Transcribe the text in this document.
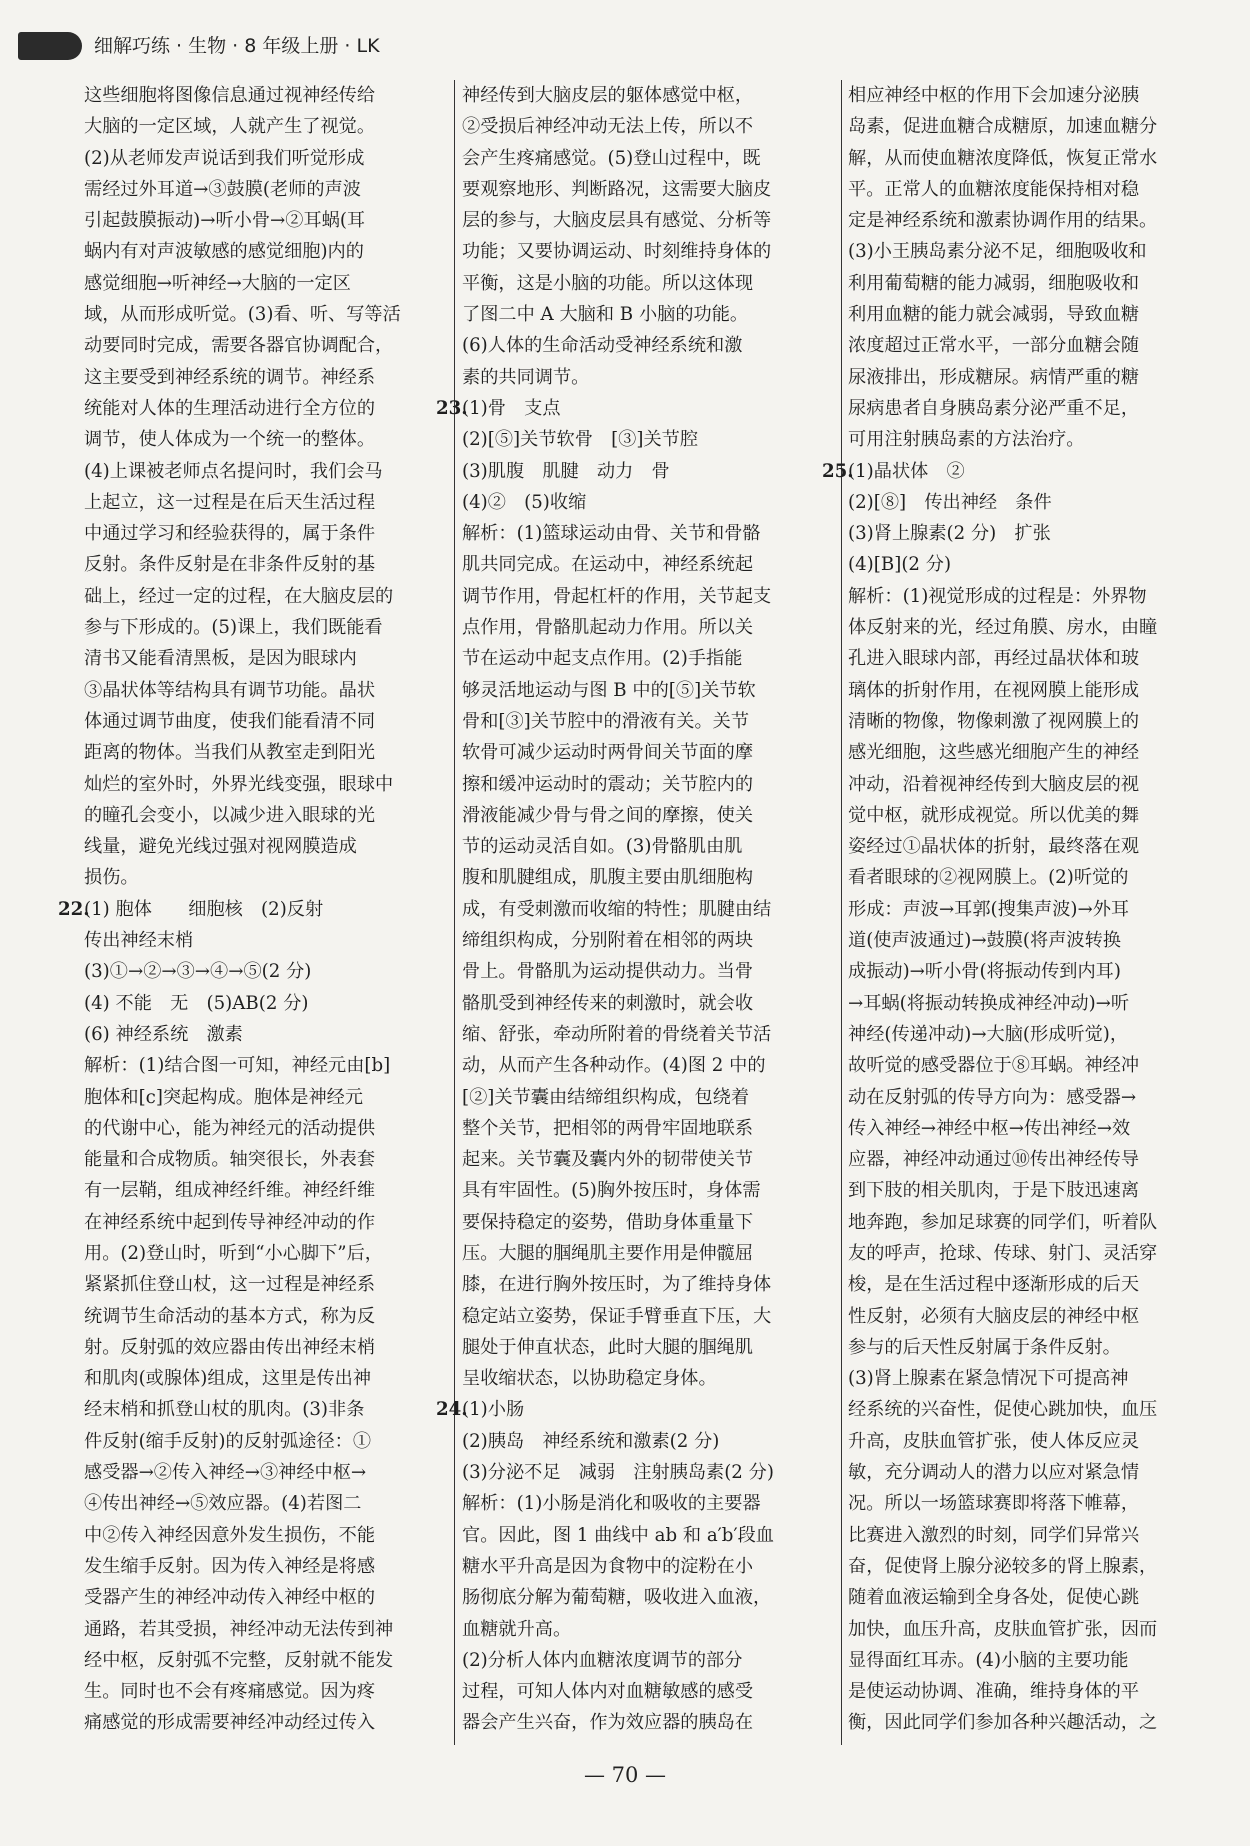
细解巧练 · 生物 · 8 年级上册 · LK

这些细胞将图像信息通过视神经传给

大脑的一定区域，人就产生了视觉。

(2)从老师发声说话到我们听觉形成

需经过外耳道→③鼓膜(老师的声波

引起鼓膜振动)→听小骨→②耳蜗(耳

蜗内有对声波敏感的感觉细胞)内的

感觉细胞→听神经→大脑的一定区

域，从而形成听觉。(3)看、听、写等活

动要同时完成，需要各器官协调配合，

这主要受到神经系统的调节。神经系

统能对人体的生理活动进行全方位的

调节，使人体成为一个统一的整体。

(4)上课被老师点名提问时，我们会马

上起立，这一过程是在后天生活过程

中通过学习和经验获得的，属于条件

反射。条件反射是在非条件反射的基

础上，经过一定的过程，在大脑皮层的

参与下形成的。(5)课上，我们既能看

清书又能看清黑板，是因为眼球内

③晶状体等结构具有调节功能。晶状

体通过调节曲度，使我们能看清不同

距离的物体。当我们从教室走到阳光

灿烂的室外时，外界光线变强，眼球中

的瞳孔会变小，以减少进入眼球的光

线量，避免光线过强对视网膜造成

损伤。

22.(1) 胞体　　细胞核　(2)反射

传出神经末梢

(3)①→②→③→④→⑤(2 分)

(4) 不能　无　(5)AB(2 分)

(6) 神经系统　激素

解析：(1)结合图一可知，神经元由[b]

胞体和[c]突起构成。胞体是神经元

的代谢中心，能为神经元的活动提供

能量和合成物质。轴突很长，外表套

有一层鞘，组成神经纤维。神经纤维

在神经系统中起到传导神经冲动的作

用。(2)登山时，听到“小心脚下”后，

紧紧抓住登山杖，这一过程是神经系

统调节生命活动的基本方式，称为反

射。反射弧的效应器由传出神经末梢

和肌肉(或腺体)组成，这里是传出神

经末梢和抓登山杖的肌肉。(3)非条

件反射(缩手反射)的反射弧途径：①

感受器→②传入神经→③神经中枢→

④传出神经→⑤效应器。(4)若图二

中②传入神经因意外发生损伤，不能

发生缩手反射。因为传入神经是将感

受器产生的神经冲动传入神经中枢的

通路，若其受损，神经冲动无法传到神

经中枢，反射弧不完整，反射就不能发

生。同时也不会有疼痛感觉。因为疼

痛感觉的形成需要神经冲动经过传入

神经传到大脑皮层的躯体感觉中枢，

②受损后神经冲动无法上传，所以不

会产生疼痛感觉。(5)登山过程中，既

要观察地形、判断路况，这需要大脑皮

层的参与，大脑皮层具有感觉、分析等

功能；又要协调运动、时刻维持身体的

平衡，这是小脑的功能。所以这体现

了图二中 A 大脑和 B 小脑的功能。

(6)人体的生命活动受神经系统和激

素的共同调节。

23.(1)骨　支点

(2)[⑤]关节软骨　[③]关节腔

(3)肌腹　肌腱　动力　骨

(4)②　(5)收缩

解析：(1)篮球运动由骨、关节和骨骼

肌共同完成。在运动中，神经系统起

调节作用，骨起杠杆的作用，关节起支

点作用，骨骼肌起动力作用。所以关

节在运动中起支点作用。(2)手指能

够灵活地运动与图 B 中的[⑤]关节软

骨和[③]关节腔中的滑液有关。关节

软骨可减少运动时两骨间关节面的摩

擦和缓冲运动时的震动；关节腔内的

滑液能减少骨与骨之间的摩擦，使关

节的运动灵活自如。(3)骨骼肌由肌

腹和肌腱组成，肌腹主要由肌细胞构

成，有受刺激而收缩的特性；肌腱由结

缔组织构成，分别附着在相邻的两块

骨上。骨骼肌为运动提供动力。当骨

骼肌受到神经传来的刺激时，就会收

缩、舒张，牵动所附着的骨绕着关节活

动，从而产生各种动作。(4)图 2 中的

[②]关节囊由结缔组织构成，包绕着

整个关节，把相邻的两骨牢固地联系

起来。关节囊及囊内外的韧带使关节

具有牢固性。(5)胸外按压时，身体需

要保持稳定的姿势，借助身体重量下

压。大腿的腘绳肌主要作用是伸髋屈

膝，在进行胸外按压时，为了维持身体

稳定站立姿势，保证手臂垂直下压，大

腿处于伸直状态，此时大腿的腘绳肌

呈收缩状态，以协助稳定身体。

24.(1)小肠

(2)胰岛　神经系统和激素(2 分)

(3)分泌不足　减弱　注射胰岛素(2 分)

解析：(1)小肠是消化和吸收的主要器

官。因此，图 1 曲线中 ab 和 a′b′段血

糖水平升高是因为食物中的淀粉在小

肠彻底分解为葡萄糖，吸收进入血液，

血糖就升高。

(2)分析人体内血糖浓度调节的部分

过程，可知人体内对血糖敏感的感受

器会产生兴奋，作为效应器的胰岛在

相应神经中枢的作用下会加速分泌胰

岛素，促进血糖合成糖原，加速血糖分

解，从而使血糖浓度降低，恢复正常水

平。正常人的血糖浓度能保持相对稳

定是神经系统和激素协调作用的结果。

(3)小王胰岛素分泌不足，细胞吸收和

利用葡萄糖的能力减弱，细胞吸收和

利用血糖的能力就会减弱，导致血糖

浓度超过正常水平，一部分血糖会随

尿液排出，形成糖尿。病情严重的糖

尿病患者自身胰岛素分泌严重不足，

可用注射胰岛素的方法治疗。

25.(1)晶状体　②

(2)[⑧]　传出神经　条件

(3)肾上腺素(2 分)　扩张

(4)[B](2 分)

解析：(1)视觉形成的过程是：外界物

体反射来的光，经过角膜、房水，由瞳

孔进入眼球内部，再经过晶状体和玻

璃体的折射作用，在视网膜上能形成

清晰的物像，物像刺激了视网膜上的

感光细胞，这些感光细胞产生的神经

冲动，沿着视神经传到大脑皮层的视

觉中枢，就形成视觉。所以优美的舞

姿经过①晶状体的折射，最终落在观

看者眼球的②视网膜上。(2)听觉的

形成：声波→耳郭(搜集声波)→外耳

道(使声波通过)→鼓膜(将声波转换

成振动)→听小骨(将振动传到内耳)

→耳蜗(将振动转换成神经冲动)→听

神经(传递冲动)→大脑(形成听觉)，

故听觉的感受器位于⑧耳蜗。神经冲

动在反射弧的传导方向为：感受器→

传入神经→神经中枢→传出神经→效

应器，神经冲动通过⑩传出神经传导

到下肢的相关肌肉，于是下肢迅速离

地奔跑，参加足球赛的同学们，听着队

友的呼声，抢球、传球、射门、灵活穿

梭，是在生活过程中逐渐形成的后天

性反射，必须有大脑皮层的神经中枢

参与的后天性反射属于条件反射。

(3)肾上腺素在紧急情况下可提高神

经系统的兴奋性，促使心跳加快，血压

升高，皮肤血管扩张，使人体反应灵

敏，充分调动人的潜力以应对紧急情

况。所以一场篮球赛即将落下帷幕，

比赛进入激烈的时刻，同学们异常兴

奋，促使肾上腺分泌较多的肾上腺素，

随着血液运输到全身各处，促使心跳

加快，血压升高，皮肤血管扩张，因而

显得面红耳赤。(4)小脑的主要功能

是使运动协调、准确，维持身体的平

衡，因此同学们参加各种兴趣活动，之

— 70 —
